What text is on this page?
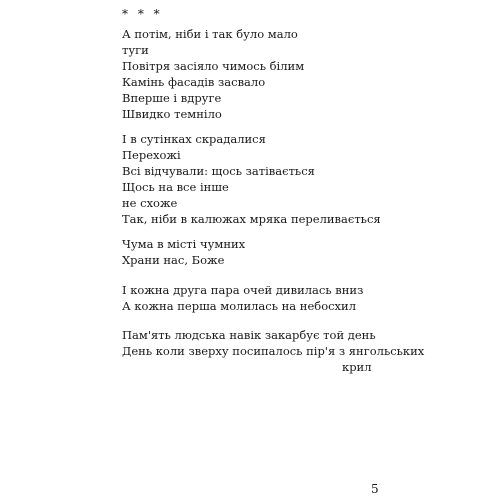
* * *
А потім, ніби і так було мало
туги
Повітря засіяло чимось білим
Камінь фасадів засвало
Вперше і вдруге
Швидко темніло
І в сутінках скрадалися
Перехожі
Всі відчували: щось затівається
Щось на все інше
не схоже
Так, ніби в калюжах мряка переливається
Чума в місті чумних
Храни нас, Боже
І кожна друга пара очей дивилась вниз
А кожна перша молилась на небосхил
Пам'ять людська навік закарбує той день
День коли зверху посипалось пір'я з янгольських
крил
5
